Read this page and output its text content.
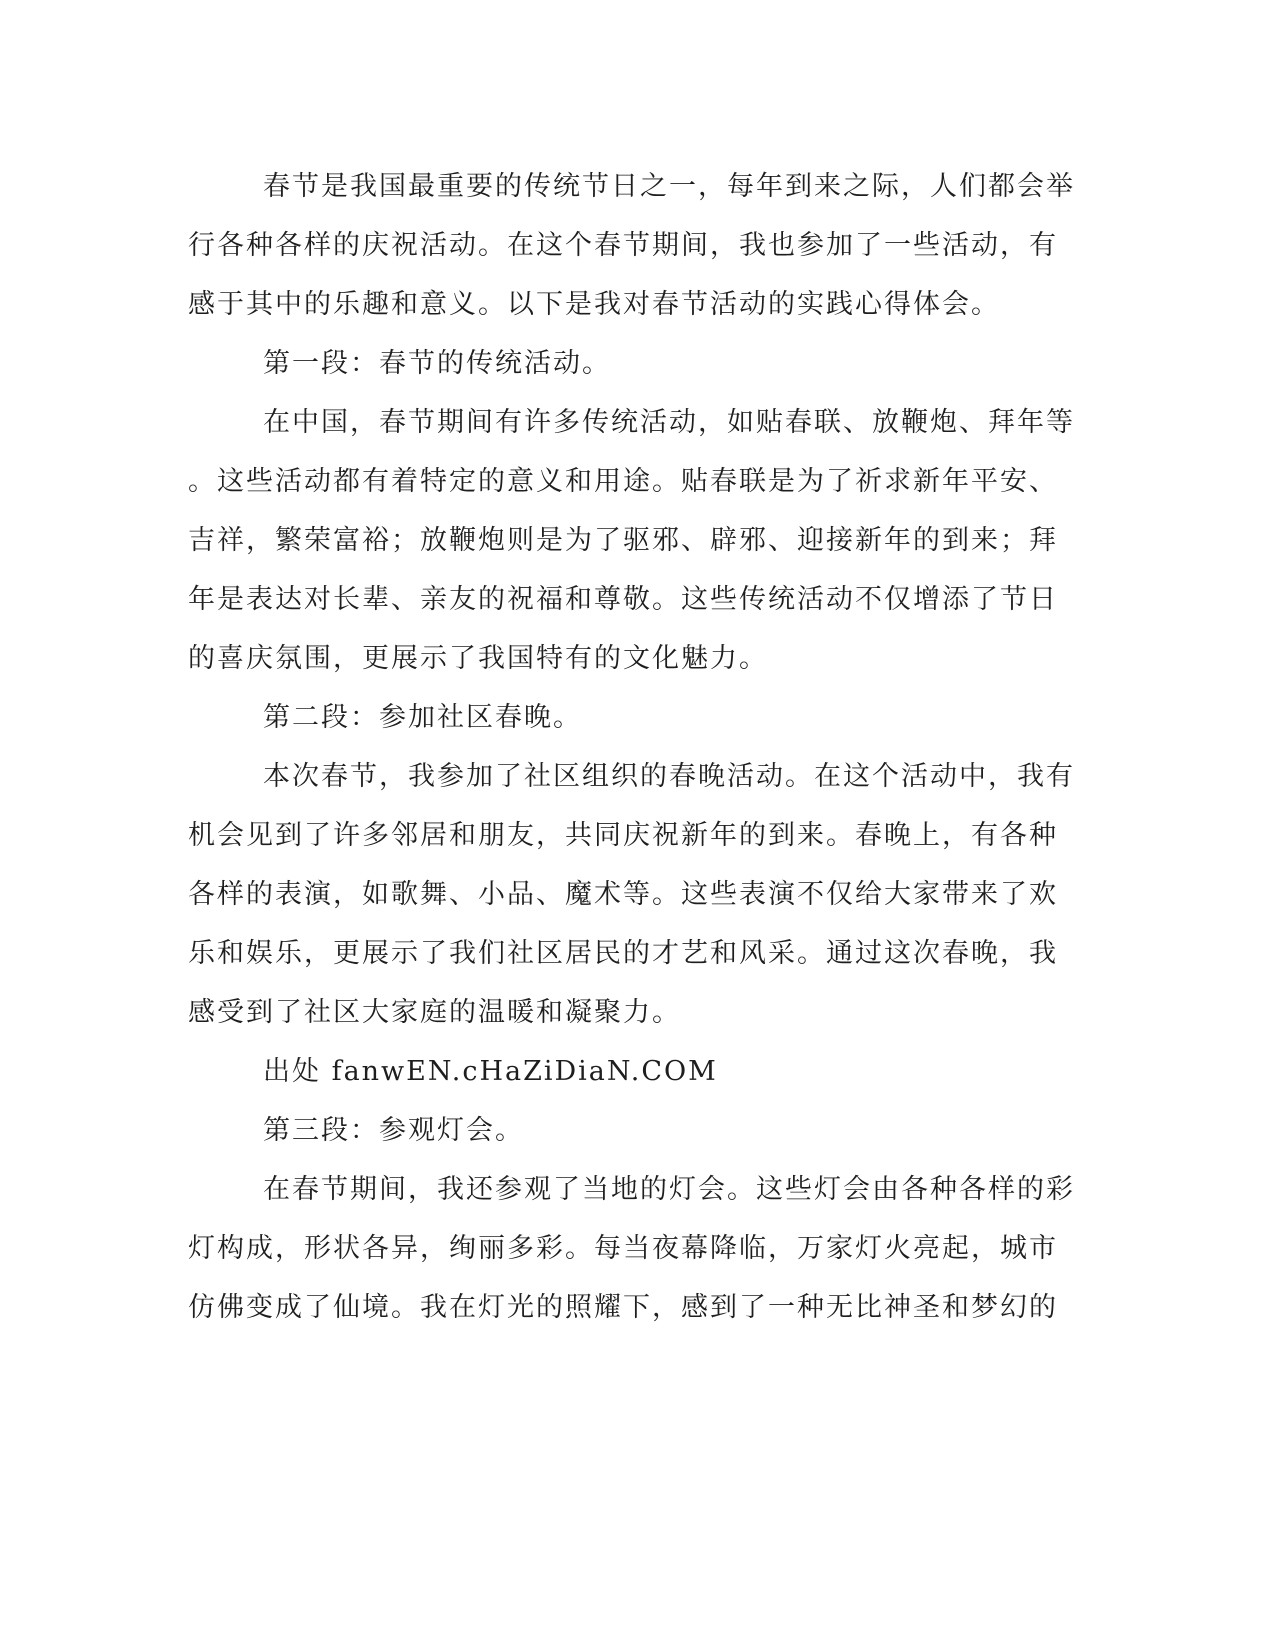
春节是我国最重要的传统节日之一，每年到来之际，人们都会举
行各种各样的庆祝活动。在这个春节期间，我也参加了一些活动，有
感于其中的乐趣和意义。以下是我对春节活动的实践心得体会。
第一段：春节的传统活动。
在中国，春节期间有许多传统活动，如贴春联、放鞭炮、拜年等
。这些活动都有着特定的意义和用途。贴春联是为了祈求新年平安、
吉祥，繁荣富裕；放鞭炮则是为了驱邪、辟邪、迎接新年的到来；拜
年是表达对长辈、亲友的祝福和尊敬。这些传统活动不仅增添了节日
的喜庆氛围，更展示了我国特有的文化魅力。
第二段：参加社区春晚。
本次春节，我参加了社区组织的春晚活动。在这个活动中，我有
机会见到了许多邻居和朋友，共同庆祝新年的到来。春晚上，有各种
各样的表演，如歌舞、小品、魔术等。这些表演不仅给大家带来了欢
乐和娱乐，更展示了我们社区居民的才艺和风采。通过这次春晚，我
感受到了社区大家庭的温暖和凝聚力。
出处 fanwEN.cHaZiDiaN.COM
第三段：参观灯会。
在春节期间，我还参观了当地的灯会。这些灯会由各种各样的彩
灯构成，形状各异，绚丽多彩。每当夜幕降临，万家灯火亮起，城市
仿佛变成了仙境。我在灯光的照耀下，感到了一种无比神圣和梦幻的
